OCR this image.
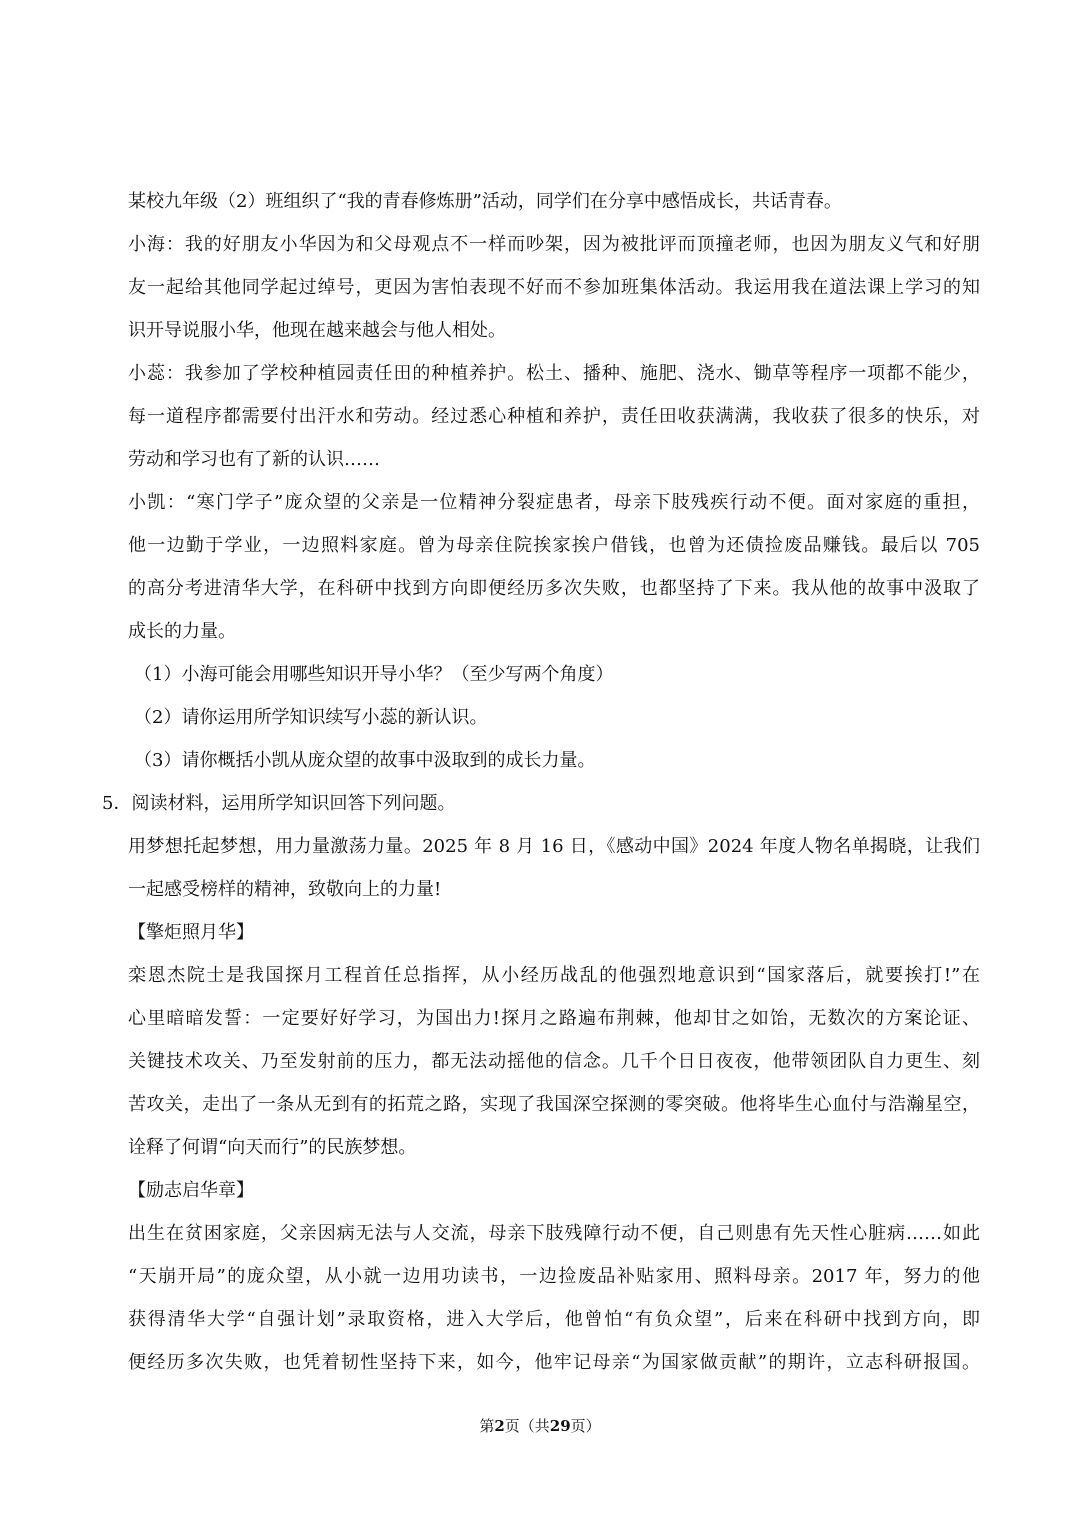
某校九年级（2）班组织了“我的青春修炼册”活动，同学们在分享中感悟成长，共话青春。
小海：我的好朋友小华因为和父母观点不一样而吵架，因为被批评而顶撞老师，也因为朋友义气和好朋
友一起给其他同学起过绰号，更因为害怕表现不好而不参加班集体活动。我运用我在道法课上学习的知
识开导说服小华，他现在越来越会与他人相处。
小蕊：我参加了学校种植园责任田的种植养护。松土、播种、施肥、浇水、锄草等程序一项都不能少，
每一道程序都需要付出汗水和劳动。经过悉心种植和养护，责任田收获满满，我收获了很多的快乐，对
劳动和学习也有了新的认识……
小凯：“寒门学子”庞众望的父亲是一位精神分裂症患者，母亲下肢残疾行动不便。面对家庭的重担，
他一边勤于学业，一边照料家庭。曾为母亲住院挨家挨户借钱，也曾为还债捡废品赚钱。最后以 705
的高分考进清华大学，在科研中找到方向即便经历多次失败，也都坚持了下来。我从他的故事中汲取了
成长的力量。
（1）小海可能会用哪些知识开导小华？（至少写两个角度）
（2）请你运用所学知识续写小蕊的新认识。
（3）请你概括小凯从庞众望的故事中汲取到的成长力量。
5．阅读材料，运用所学知识回答下列问题。
用梦想托起梦想，用力量激荡力量。2025 年 8 月 16 日，《感动中国》2024 年度人物名单揭晓，让我们
一起感受榜样的精神，致敬向上的力量!
【擎炬照月华】
栾恩杰院士是我国探月工程首任总指挥，从小经历战乱的他强烈地意识到“国家落后，就要挨打!”在
心里暗暗发誓：一定要好好学习，为国出力!探月之路遍布荆棘，他却甘之如饴，无数次的方案论证、
关键技术攻关、乃至发射前的压力，都无法动摇他的信念。几千个日日夜夜，他带领团队自力更生、刻
苦攻关，走出了一条从无到有的拓荒之路，实现了我国深空探测的零突破。他将毕生心血付与浩瀚星空，
诠释了何谓“向天而行”的民族梦想。
【励志启华章】
出生在贫困家庭，父亲因病无法与人交流，母亲下肢残障行动不便，自己则患有先天性心脏病……如此
“天崩开局”的庞众望，从小就一边用功读书，一边捡废品补贴家用、照料母亲。2017 年，努力的他
获得清华大学“自强计划”录取资格，进入大学后，他曾怕“有负众望”，后来在科研中找到方向，即
便经历多次失败，也凭着韧性坚持下来，如今，他牢记母亲“为国家做贡献”的期许，立志科研报国。
第2页（共29页）
